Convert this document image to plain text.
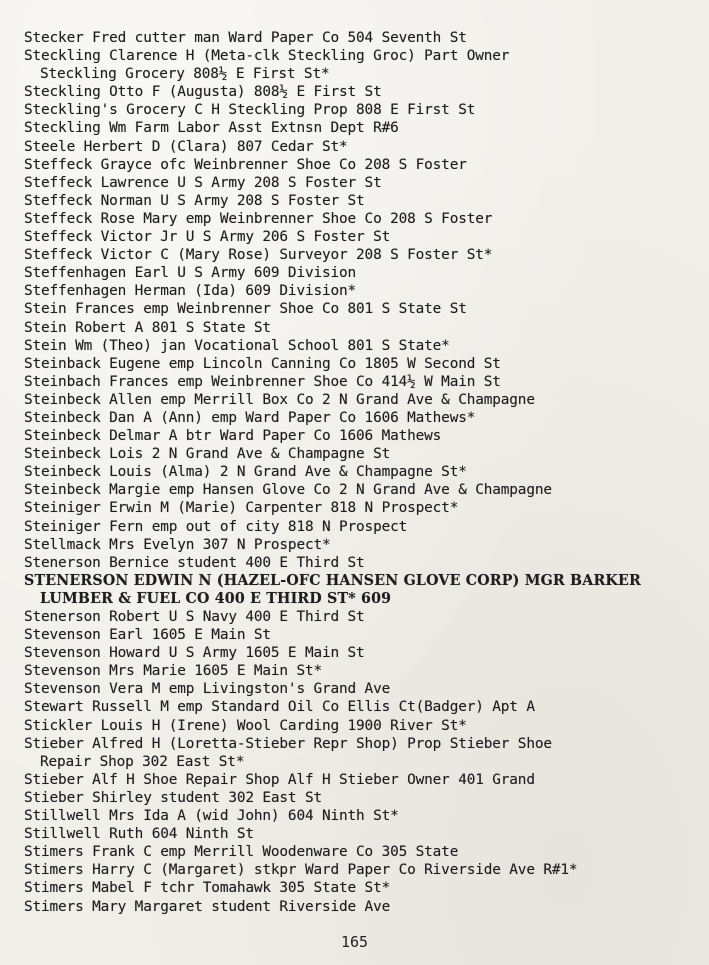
Stecker Fred cutter man Ward Paper Co 504 Seventh St
Steckling Clarence H (Meta-clk Steckling Groc) Part Owner
Steckling Grocery 808½ E First St*
Steckling Otto F (Augusta) 808½ E First St
Steckling's Grocery C H Steckling Prop 808 E First St
Steckling Wm Farm Labor Asst Extnsn Dept R#6
Steele Herbert D (Clara) 807 Cedar St*
Steffeck Grayce ofc Weinbrenner Shoe Co 208 S Foster
Steffeck Lawrence U S Army 208 S Foster St
Steffeck Norman U S Army 208 S Foster St
Steffeck Rose Mary emp Weinbrenner Shoe Co 208 S Foster
Steffeck Victor Jr U S Army 206 S Foster St
Steffeck Victor C (Mary Rose) Surveyor 208 S Foster St*
Steffenhagen Earl U S Army 609 Division
Steffenhagen Herman (Ida) 609 Division*
Stein Frances emp Weinbrenner Shoe Co 801 S State St
Stein Robert A 801 S State St
Stein Wm (Theo) jan Vocational School 801 S State*
Steinback Eugene emp Lincoln Canning Co 1805 W Second St
Steinbach Frances emp Weinbrenner Shoe Co 414½ W Main St
Steinbeck Allen emp Merrill Box Co 2 N Grand Ave & Champagne
Steinbeck Dan A (Ann) emp Ward Paper Co 1606 Mathews*
Steinbeck Delmar A btr Ward Paper Co 1606 Mathews
Steinbeck Lois 2 N Grand Ave & Champagne St
Steinbeck Louis (Alma) 2 N Grand Ave & Champagne St*
Steinbeck Margie emp Hansen Glove Co 2 N Grand Ave & Champagne
Steiniger Erwin M (Marie) Carpenter 818 N Prospect*
Steiniger Fern emp out of city 818 N Prospect
Stellmack Mrs Evelyn 307 N Prospect*
Stenerson Bernice student 400 E Third St
STENERSON EDWIN N (HAZEL-OFC HANSEN GLOVE CORP) MGR BARKER
LUMBER & FUEL CO 400 E THIRD ST* 609
Stenerson Robert U S Navy 400 E Third St
Stevenson Earl 1605 E Main St
Stevenson Howard U S Army 1605 E Main St
Stevenson Mrs Marie 1605 E Main St*
Stevenson Vera M emp Livingston's Grand Ave
Stewart Russell M emp Standard Oil Co Ellis Ct(Badger) Apt A
Stickler Louis H (Irene) Wool Carding 1900 River St*
Stieber Alfred H (Loretta-Stieber Repr Shop) Prop Stieber Shoe
Repair Shop 302 East St*
Stieber Alf H Shoe Repair Shop Alf H Stieber Owner 401 Grand
Stieber Shirley student 302 East St
Stillwell Mrs Ida A (wid John) 604 Ninth St*
Stillwell Ruth 604 Ninth St
Stimers Frank C emp Merrill Woodenware Co 305 State
Stimers Harry C (Margaret) stkpr Ward Paper Co Riverside Ave R#1*
Stimers Mabel F tchr Tomahawk 305 State St*
Stimers Mary Margaret student Riverside Ave
165
